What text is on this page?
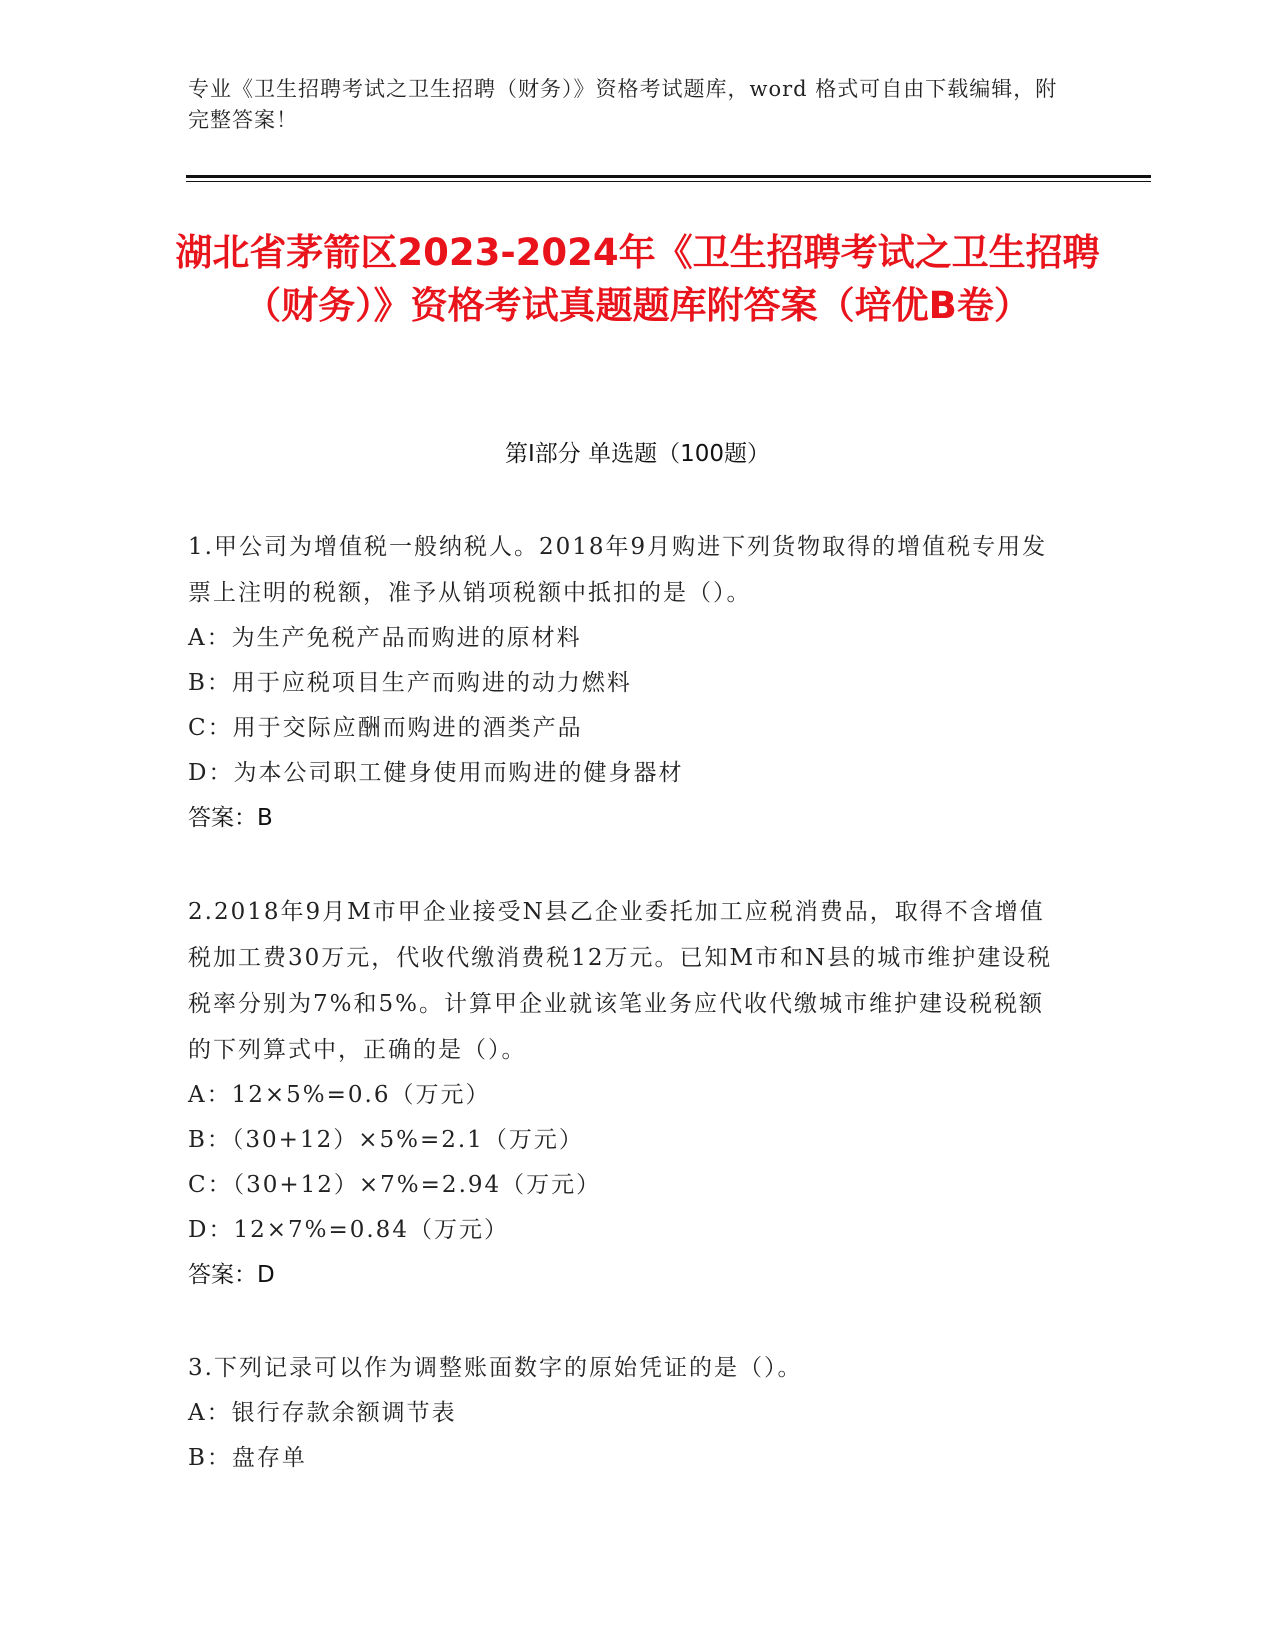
专业《卫生招聘考试之卫生招聘（财务）》资格考试题库，word 格式可自由下载编辑，附完整答案！
湖北省茅箭区2023-2024年《卫生招聘考试之卫生招聘（财务）》资格考试真题题库附答案（培优B卷）
第I部分 单选题（100题）
1.甲公司为增值税一般纳税人。2018年9月购进下列货物取得的增值税专用发票上注明的税额，准予从销项税额中抵扣的是（）。
A：为生产免税产品而购进的原材料
B：用于应税项目生产而购进的动力燃料
C：用于交际应酬而购进的酒类产品
D：为本公司职工健身使用而购进的健身器材
答案：B
2.2018年9月M市甲企业接受N县乙企业委托加工应税消费品，取得不含增值税加工费30万元，代收代缴消费税12万元。已知M市和N县的城市维护建设税税率分别为7%和5%。计算甲企业就该笔业务应代收代缴城市维护建设税税额的下列算式中，正确的是（）。
A：12×5%=0.6（万元）
B：（30+12）×5%=2.1（万元）
C：（30+12）×7%=2.94（万元）
D：12×7%=0.84（万元）
答案：D
3.下列记录可以作为调整账面数字的原始凭证的是（）。
A：银行存款余额调节表
B：盘存单
